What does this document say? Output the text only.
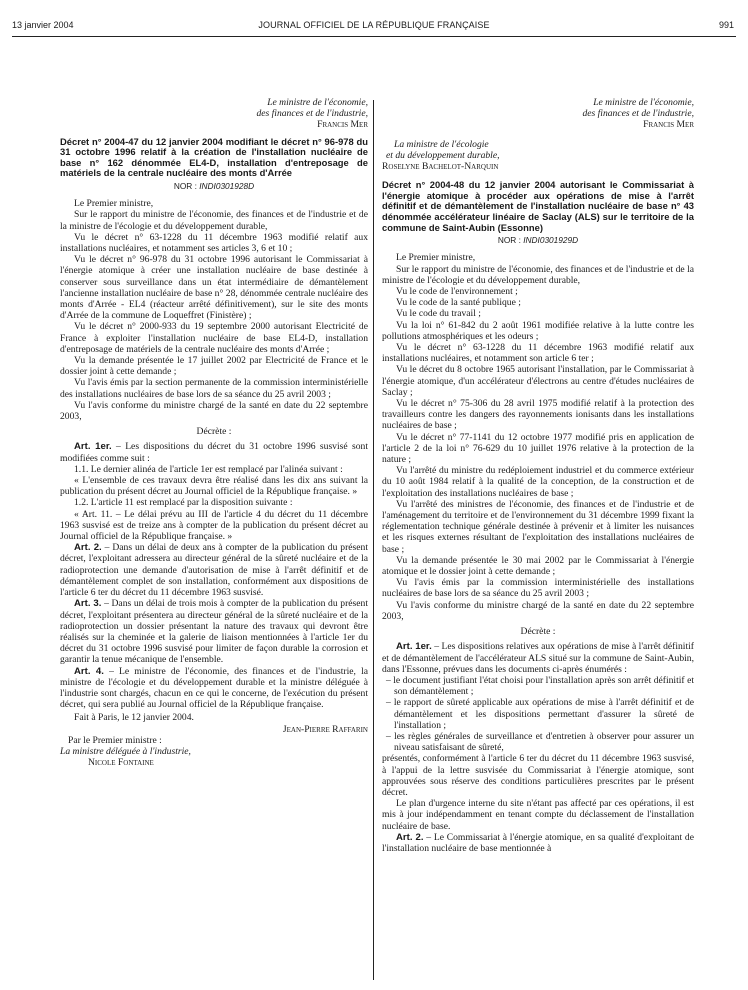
13 janvier 2004	JOURNAL OFFICIEL DE LA RÉPUBLIQUE FRANÇAISE	991
Le ministre de l'économie,
des finances et de l'industrie,
Francis Mer
Décret n° 2004-47 du 12 janvier 2004 modifiant le décret n° 96-978 du 31 octobre 1996 relatif à la création de l'installation nucléaire de base n° 162 dénommée EL4-D, installation d'entreposage de matériels de la centrale nucléaire des monts d'Arrée
NOR : INDI0301928D

Le Premier ministre,

Sur le rapport du ministre de l'économie, des finances et de l'industrie et de la ministre de l'écologie et du développement durable,

Vu le décret n° 63-1228 du 11 décembre 1963 modifié relatif aux installations nucléaires, et notamment ses articles 3, 6 et 10 ;

Vu le décret n° 96-978 du 31 octobre 1996 autorisant le Commissariat à l'énergie atomique à créer une installation nucléaire de base destinée à conserver sous surveillance dans un état intermédiaire de démantèlement l'ancienne installation nucléaire de base n° 28, dénommée centrale nucléaire des monts d'Arrée - EL4 (réacteur arrêté définitivement), sur le site des monts d'Arrée de la commune de Loqueffret (Finistère) ;

Vu le décret n° 2000-933 du 19 septembre 2000 autorisant Electricité de France à exploiter l'installation nucléaire de base EL4-D, installation d'entreposage de matériels de la centrale nucléaire des monts d'Arrée ;

Vu la demande présentée le 17 juillet 2002 par Electricité de France et le dossier joint à cette demande ;

Vu l'avis émis par la section permanente de la commission interministérielle des installations nucléaires de base lors de sa séance du 25 avril 2003 ;

Vu l'avis conforme du ministre chargé de la santé en date du 22 septembre 2003,

Décrète :

Art. 1er. – Les dispositions du décret du 31 octobre 1996 susvisé sont modifiées comme suit :

1.1. Le dernier alinéa de l'article 1er est remplacé par l'alinéa suivant :

« L'ensemble de ces travaux devra être réalisé dans les dix ans suivant la publication du présent décret au Journal officiel de la République française. »

1.2. L'article 11 est remplacé par la disposition suivante :

« Art. 11. – Le délai prévu au III de l'article 4 du décret du 11 décembre 1963 susvisé est de treize ans à compter de la publication du présent décret au Journal officiel de la République française. »

Art. 2. – Dans un délai de deux ans à compter de la publication du présent décret, l'exploitant adressera au directeur général de la sûreté nucléaire et de la radioprotection une demande d'autorisation de mise à l'arrêt définitif et de démantèlement complet de son installation, conformément aux dispositions de l'article 6 ter du décret du 11 décembre 1963 susvisé.

Art. 3. – Dans un délai de trois mois à compter de la publication du présent décret, l'exploitant présentera au directeur général de la sûreté nucléaire et de la radioprotection un dossier présentant la nature des travaux qui devront être réalisés sur la cheminée et la galerie de liaison mentionnées à l'article 1er du décret du 31 octobre 1996 susvisé pour limiter de façon durable la corrosion et garantir la tenue mécanique de l'ensemble.

Art. 4. – Le ministre de l'économie, des finances et de l'industrie, la ministre de l'écologie et du développement durable et la ministre déléguée à l'industrie sont chargés, chacun en ce qui le concerne, de l'exécution du présent décret, qui sera publié au Journal officiel de la République française.

Fait à Paris, le 12 janvier 2004.

Jean-Pierre Raffarin
Par le Premier ministre :
La ministre déléguée à l'industrie,
Nicole Fontaine
Le ministre de l'économie,
des finances et de l'industrie,
Francis Mer
La ministre de l'écologie
et du développement durable,
Roselyne Bachelot-Narquin
Décret n° 2004-48 du 12 janvier 2004 autorisant le Commissariat à l'énergie atomique à procéder aux opérations de mise à l'arrêt définitif et de démantèlement de l'installation nucléaire de base n° 43 dénommée accélérateur linéaire de Saclay (ALS) sur le territoire de la commune de Saint-Aubin (Essonne)
NOR : INDI0301929D

Le Premier ministre,

Sur le rapport du ministre de l'économie, des finances et de l'industrie et de la ministre de l'écologie et du développement durable,

Vu le code de l'environnement ;

Vu le code de la santé publique ;

Vu le code du travail ;

Vu la loi n° 61-842 du 2 août 1961 modifiée relative à la lutte contre les pollutions atmosphériques et les odeurs ;

Vu le décret n° 63-1228 du 11 décembre 1963 modifié relatif aux installations nucléaires, et notamment son article 6 ter ;

Vu le décret du 8 octobre 1965 autorisant l'installation, par le Commissariat à l'énergie atomique, d'un accélérateur d'électrons au centre d'études nucléaires de Saclay ;

Vu le décret n° 75-306 du 28 avril 1975 modifié relatif à la protection des travailleurs contre les dangers des rayonnements ionisants dans les installations nucléaires de base ;

Vu le décret n° 77-1141 du 12 octobre 1977 modifié pris en application de l'article 2 de la loi n° 76-629 du 10 juillet 1976 relative à la protection de la nature ;

Vu l'arrêté du ministre du redéploiement industriel et du commerce extérieur du 10 août 1984 relatif à la qualité de la conception, de la construction et de l'exploitation des installations nucléaires de base ;

Vu l'arrêté des ministres de l'économie, des finances et de l'industrie et de l'aménagement du territoire et de l'environnement du 31 décembre 1999 fixant la réglementation technique générale destinée à prévenir et à limiter les nuisances et les risques externes résultant de l'exploitation des installations nucléaires de base ;

Vu la demande présentée le 30 mai 2002 par le Commissariat à l'énergie atomique et le dossier joint à cette demande ;

Vu l'avis émis par la commission interministérielle des installations nucléaires de base lors de sa séance du 25 avril 2003 ;

Vu l'avis conforme du ministre chargé de la santé en date du 22 septembre 2003,

Décrète :

Art. 1er. – Les dispositions relatives aux opérations de mise à l'arrêt définitif et de démantèlement de l'accélérateur ALS situé sur la commune de Saint-Aubin, dans l'Essonne, prévues dans les documents ci-après énumérés :

– le document justifiant l'état choisi pour l'installation après son arrêt définitif et son démantèlement ;
– le rapport de sûreté applicable aux opérations de mise à l'arrêt définitif et de démantèlement et les dispositions permettant d'assurer la sûreté de l'installation ;
– les règles générales de surveillance et d'entretien à observer pour assurer un niveau satisfaisant de sûreté,

présentés, conformément à l'article 6 ter du décret du 11 décembre 1963 susvisé, à l'appui de la lettre susvisée du Commissariat à l'énergie atomique, sont approuvées sous réserve des conditions particulières prescrites par le présent décret.

Le plan d'urgence interne du site n'étant pas affecté par ces opérations, il est mis à jour indépendamment en tenant compte du déclassement de l'installation nucléaire de base.

Art. 2. – Le Commissariat à l'énergie atomique, en sa qualité d'exploitant de l'installation nucléaire de base mentionnée à
